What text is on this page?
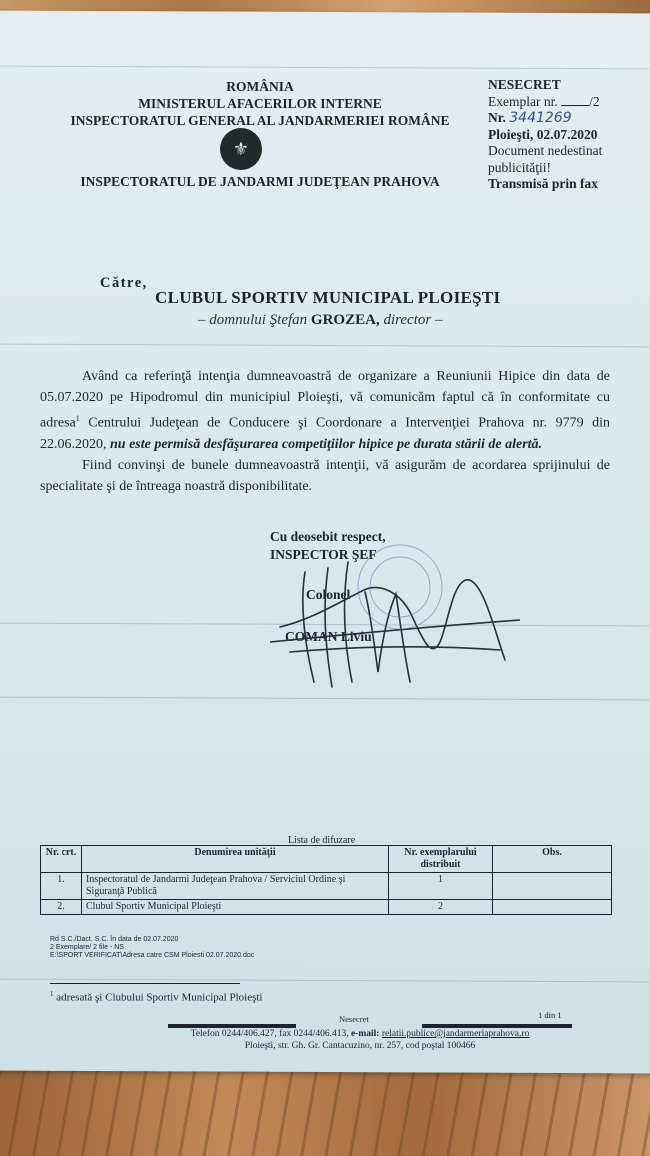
ROMÂNIA
MINISTERUL AFACERILOR INTERNE
INSPECTORATUL GENERAL AL JANDARMERIEI ROMÂNE
⚜
INSPECTORATUL DE JANDARMI JUDEŢEAN PRAHOVA
NESECRET
Exemplar nr. /2
Nr. 3441269
Ploieşti, 02.07.2020
Document nedestinat
publicităţii!
Transmisă prin fax
Către,
CLUBUL SPORTIV MUNICIPAL PLOIEŞTI
– domnului Ştefan GROZEA, director –

Având ca referinţă intenţia dumneavoastră de organizare a Reuniunii Hipice din data de 05.07.2020 pe Hipodromul din municipiul Ploieşti, vă comunicăm faptul că în conformitate cu adresa$^1$ Centrului Judeţean de Conducere şi Coordonare a Intervenţiei Prahova nr. 9779 din 22.06.2020, nu este permisă desfăşurarea competiţiilor hipice pe durata stării de alertă.

Fiind convinşi de bunele dumneavoastră intenţii, vă asigurăm de acordarea sprijinului de specialitate şi de întreaga noastră disponibilitate.

Cu deosebit respect,
INSPECTOR ŞEF
Colonel
COMAN Liviu
Lista de difuzare
Nr. crt.	Denumirea unităţii	Nr. exemplarului distribuit	Obs.
1.	Inspectoratul de Jandarmi Judeţean Prahova / Serviciul Ordine şi Siguranţă Publică	1	
2.	Clubul Sportiv Municipal Ploieşti	2	
Rd S.C./Dact. S.C. în data de 02.07.2020
2 Exemplare/ 2 file - NS
E:\SPORT VERIFICAT\Adresa catre CSM Ploiesti 02.07.2020.doc
$^1$ adresată şi Clubului Sportiv Municipal Ploieşti
Nesecret	1 din 1
Telefon 0244/406.427, fax 0244/406.413, e-mail: relatii.publice@jandarmeriaprahova.ro
Ploieşti, str. Gh. Gr. Cantacuzino, nr. 257, cod poştal 100466
